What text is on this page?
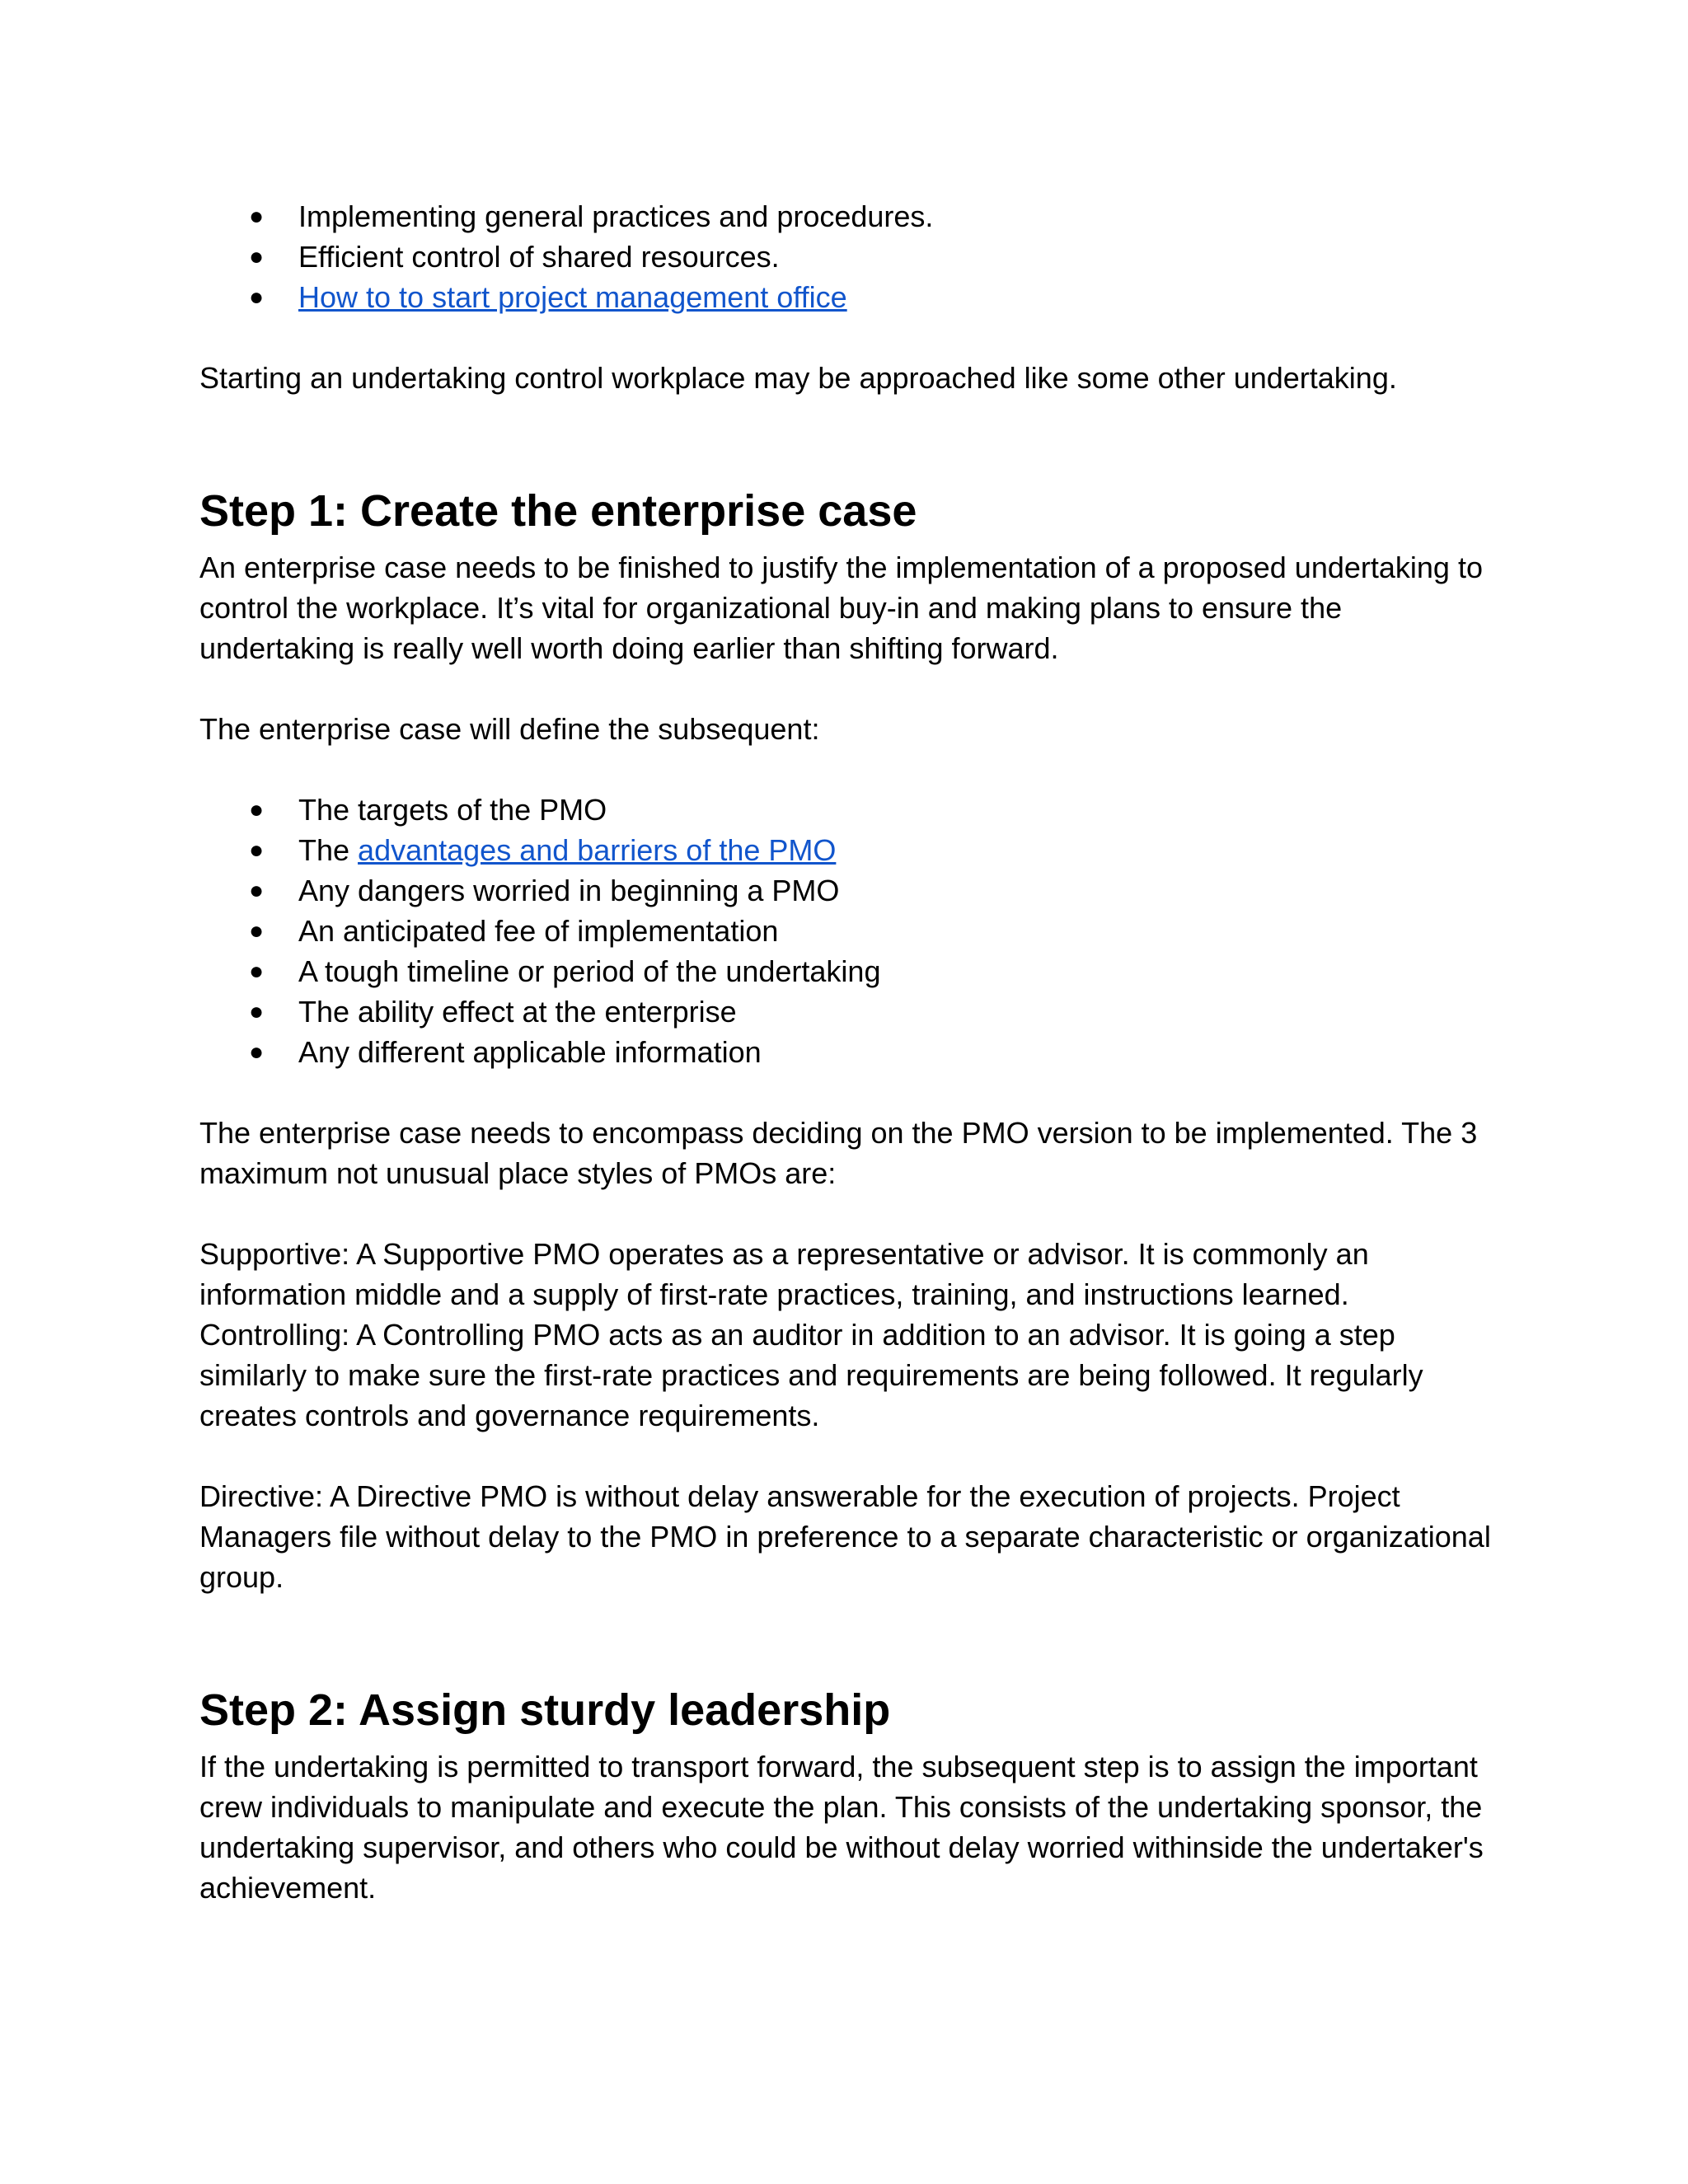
● Implementing general practices and procedures.
● Efficient control of shared resources.
● How to to start project management office

Starting an undertaking control workplace may be approached like some other undertaking.

Step 1: Create the enterprise case

An enterprise case needs to be finished to justify the implementation of a proposed undertaking to control the workplace. It’s vital for organizational buy-in and making plans to ensure the undertaking is really well worth doing earlier than shifting forward.

The enterprise case will define the subsequent:

● The targets of the PMO
● The advantages and barriers of the PMO
● Any dangers worried in beginning a PMO
● An anticipated fee of implementation
● A tough timeline or period of the undertaking
● The ability effect at the enterprise
● Any different applicable information

The enterprise case needs to encompass deciding on the PMO version to be implemented. The 3 maximum not unusual place styles of PMOs are:

Supportive: A Supportive PMO operates as a representative or advisor. It is commonly an information middle and a supply of first-rate practices, training, and instructions learned.

Controlling: A Controlling PMO acts as an auditor in addition to an advisor. It is going a step similarly to make sure the first-rate practices and requirements are being followed. It regularly creates controls and governance requirements.

Directive: A Directive PMO is without delay answerable for the execution of projects. Project Managers file without delay to the PMO in preference to a separate characteristic or organizational group.

Step 2: Assign sturdy leadership

If the undertaking is permitted to transport forward, the subsequent step is to assign the important crew individuals to manipulate and execute the plan. This consists of the undertaking sponsor, the undertaking supervisor, and others who could be without delay worried withinside the undertaker's achievement.
